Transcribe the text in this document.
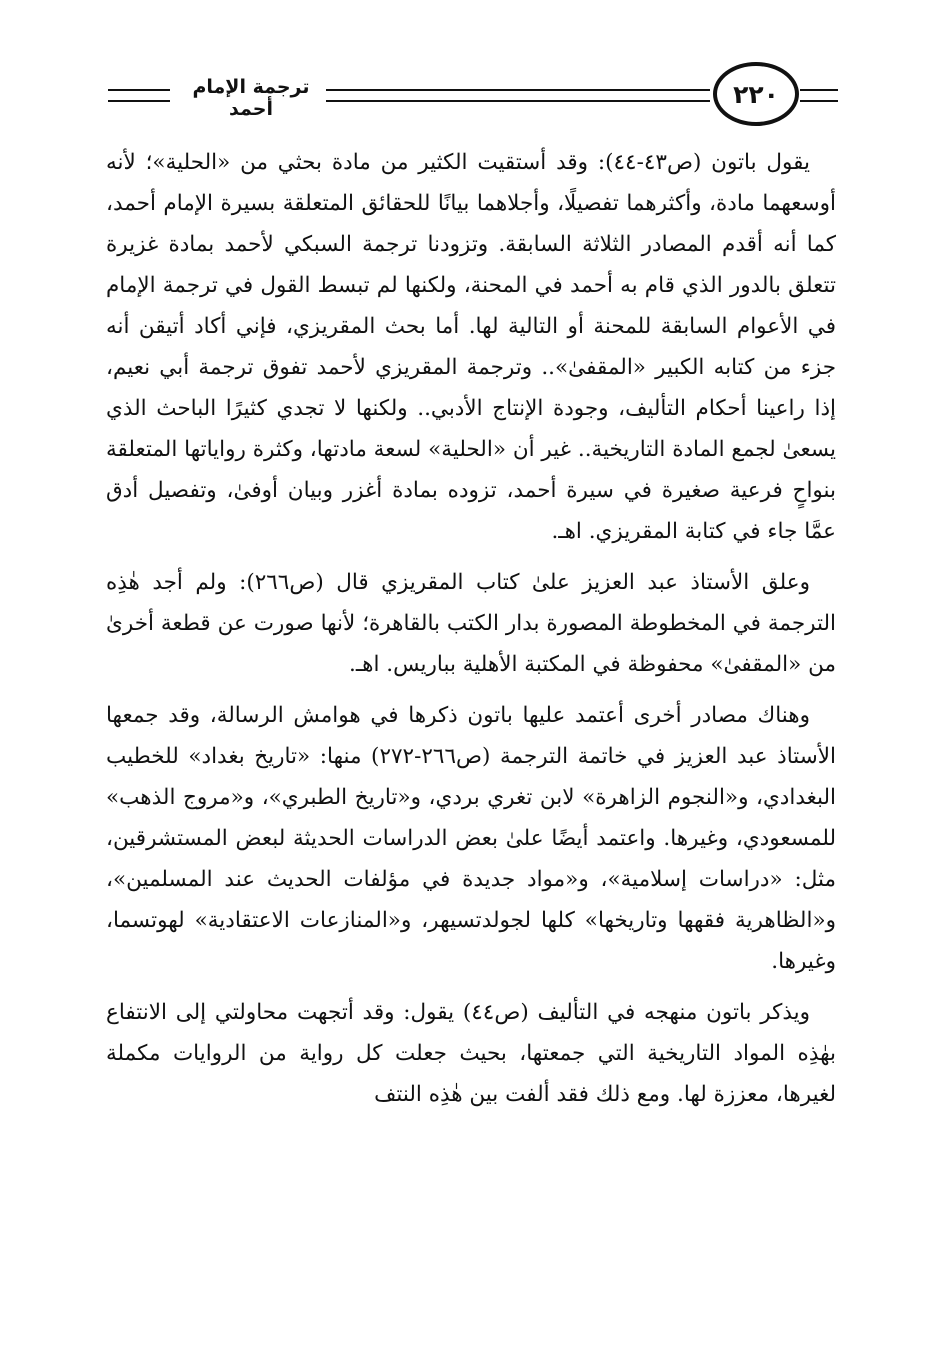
ترجمة الإمام أحمد
٢٢٠

يقول باتون (ص٤٣-٤٤): وقد أستقيت الكثير من مادة بحثي من «الحلية»؛ لأنه أوسعهما مادة، وأكثرهما تفصيلًا، وأجلاهما بيانًا للحقائق المتعلقة بسيرة الإمام أحمد، كما أنه أقدم المصادر الثلاثة السابقة. وتزودنا ترجمة السبكي لأحمد بمادة غزيرة تتعلق بالدور الذي قام به أحمد في المحنة، ولكنها لم تبسط القول في ترجمة الإمام في الأعوام السابقة للمحنة أو التالية لها. أما بحث المقريزي، فإني أكاد أتيقن أنه جزء من كتابه الكبير «المقفىٰ».. وترجمة المقريزي لأحمد تفوق ترجمة أبي نعيم، إذا راعينا أحكام التأليف، وجودة الإنتاج الأدبي.. ولكنها لا تجدي كثيرًا الباحث الذي يسعىٰ لجمع المادة التاريخية.. غير أن «الحلية» لسعة مادتها، وكثرة رواياتها المتعلقة بنواحٍ فرعية صغيرة في سيرة أحمد، تزوده بمادة أغزر وبيان أوفىٰ، وتفصيل أدق عمَّا جاء في كتابة المقريزي. اهـ.

وعلق الأستاذ عبد العزيز علىٰ كتاب المقريزي قال (ص٢٦٦): ولم أجد هٰذِه الترجمة في المخطوطة المصورة بدار الكتب بالقاهرة؛ لأنها صورت عن قطعة أخرىٰ من «المقفىٰ» محفوظة في المكتبة الأهلية بباريس. اهـ.

وهناك مصادر أخرى أعتمد عليها باتون ذكرها في هوامش الرسالة، وقد جمعها الأستاذ عبد العزيز في خاتمة الترجمة (ص٢٦٦-٢٧٢) منها: «تاريخ بغداد» للخطيب البغدادي، و«النجوم الزاهرة» لابن تغري بردي، و«تاريخ الطبري»، و«مروج الذهب» للمسعودي، وغيرها. واعتمد أيضًا علىٰ بعض الدراسات الحديثة لبعض المستشرقين، مثل: «دراسات إسلامية»، و«مواد جديدة في مؤلفات الحديث عند المسلمين»، و«الظاهرية فقهها وتاريخها» كلها لجولدتسيهر، و«المنازعات الاعتقادية» لهوتسما، وغيرها.

ويذكر باتون منهجه في التأليف (ص٤٤) يقول: وقد أتجهت محاولتي إلى الانتفاع بهٰذِه المواد التاريخية التي جمعتها، بحيث جعلت كل رواية من الروايات مكملة لغيرها، معززة لها. ومع ذلك فقد ألفت بين هٰذِه النتف
